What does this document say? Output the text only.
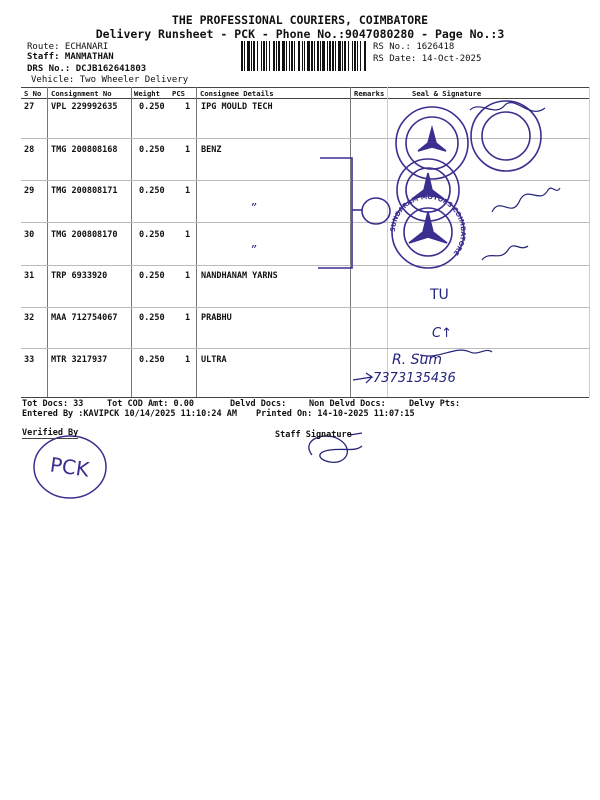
THE PROFESSIONAL COURIERS, COIMBATORE
Delivery Runsheet - PCK - Phone No.:9047080280 - Page No.:3
Route: ECHANARI
Staff: MANMATHAN
DRS No.: DCJB162641803
Vehicle: Two Wheeler Delivery
RS No.: 1626418
RS Date: 14-Oct-2025
S No Consignment No	Weight PCS Consignee Details	Remarks	Seal & Signature
27 VPL 229992635	0.250 1 IPG MOULD TECH
28 TMG 200808168	0.250 1 BENZ
29 TMG 200808171	0.250 1
30 TMG 200808170	0.250 1
31 TRP 6933920	0.250 1 NANDHANAM YARNS
32 MAA 712754067	0.250 1 PRABHU
33 MTR 3217937	0.250 1 ULTRA
SUNDARAM MOTORS COIMBATORE
”
”
TU
C↑
R. Sum
7373135436
Tot Docs: 33	Tot COD Amt: 0.00	Delvd Docs:	Non Delvd Docs:	Delvy Pts:
Entered By :KAVIPCK 10/14/2025 11:10:24 AM Printed On: 14-10-2025 11:07:15
Verified By	Staff Signature
PCK
